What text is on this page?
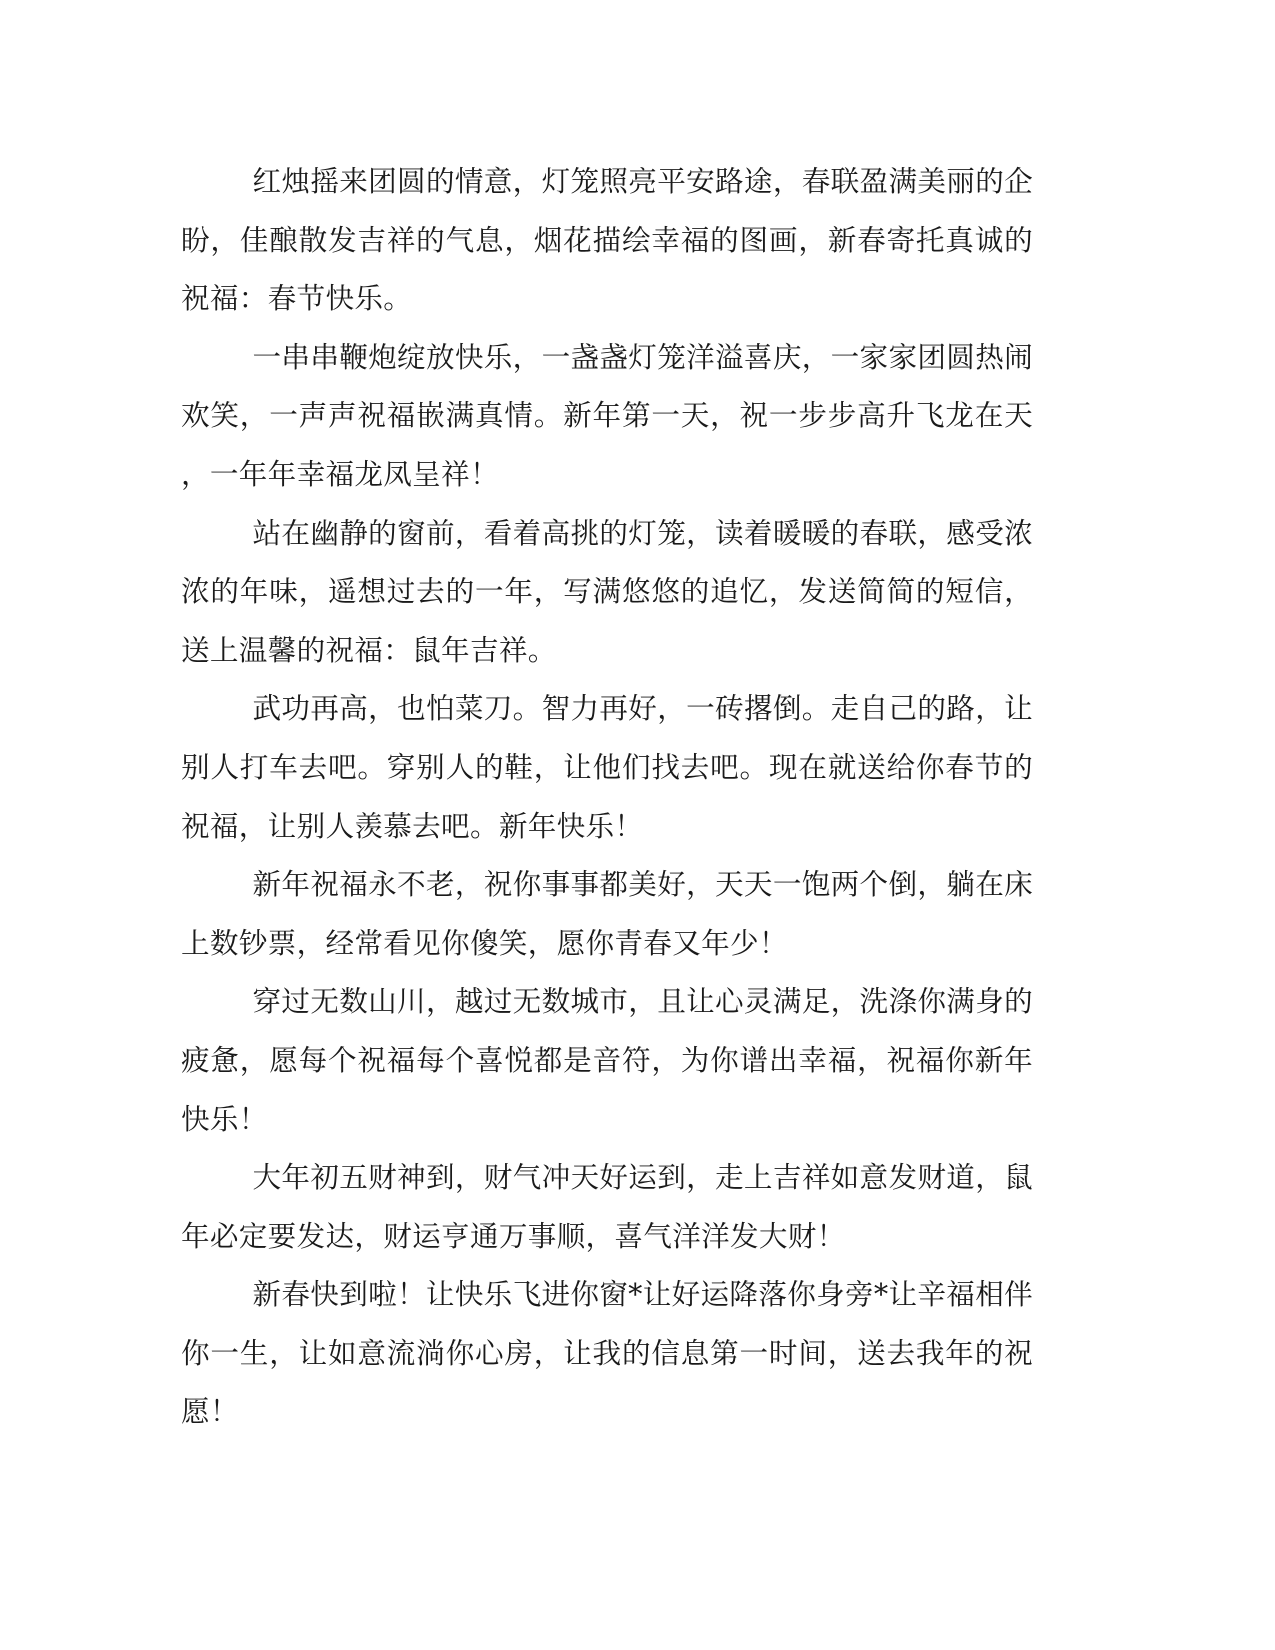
红烛摇来团圆的情意，灯笼照亮平安路途，春联盈满美丽的企盼，佳酿散发吉祥的气息，烟花描绘幸福的图画，新春寄托真诚的祝福：春节快乐。

一串串鞭炮绽放快乐，一盏盏灯笼洋溢喜庆，一家家团圆热闹欢笑，一声声祝福嵌满真情。新年第一天，祝一步步高升飞龙在天，一年年幸福龙凤呈祥！

站在幽静的窗前，看着高挑的灯笼，读着暖暖的春联，感受浓浓的年味，遥想过去的一年，写满悠悠的追忆，发送简简的短信，送上温馨的祝福：鼠年吉祥。

武功再高，也怕菜刀。智力再好，一砖撂倒。走自己的路，让别人打车去吧。穿别人的鞋，让他们找去吧。现在就送给你春节的祝福，让别人羡慕去吧。新年快乐！

新年祝福永不老，祝你事事都美好，天天一饱两个倒，躺在床上数钞票，经常看见你傻笑，愿你青春又年少！

穿过无数山川，越过无数城市，且让心灵满足，洗涤你满身的疲惫，愿每个祝福每个喜悦都是音符，为你谱出幸福，祝福你新年快乐！

大年初五财神到，财气冲天好运到，走上吉祥如意发财道，鼠年必定要发达，财运亨通万事顺，喜气洋洋发大财！

新春快到啦！让快乐飞进你窗*让好运降落你身旁*让辛福相伴你一生，让如意流淌你心房，让我的信息第一时间，送去我年的祝愿！
